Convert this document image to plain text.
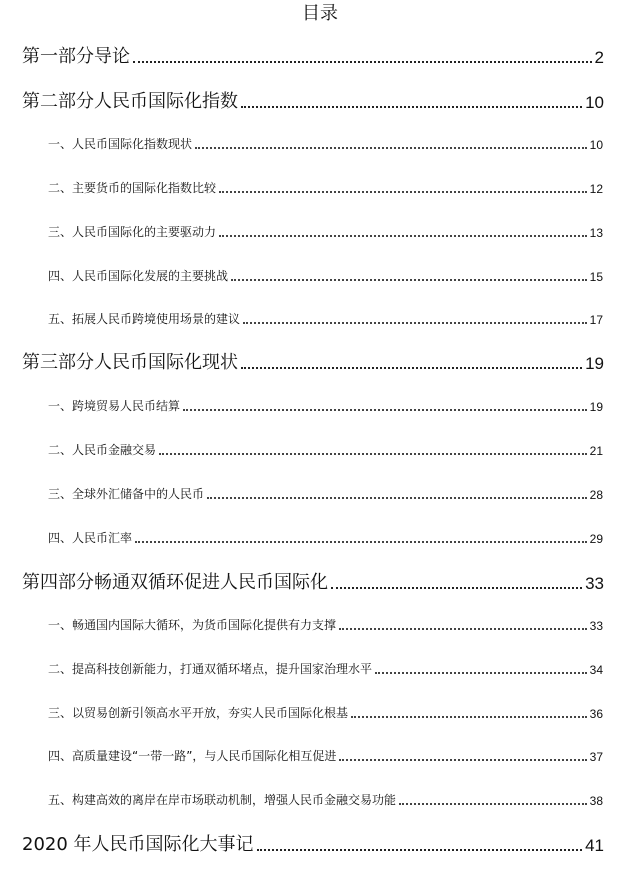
目录
第一部分导论	2
第二部分人民币国际化指数	10
一、人民币国际化指数现状	10
二、主要货币的国际化指数比较	12
三、人民币国际化的主要驱动力	13
四、人民币国际化发展的主要挑战	15
五、拓展人民币跨境使用场景的建议	17
第三部分人民币国际化现状	19
一、跨境贸易人民币结算	19
二、人民币金融交易	21
三、全球外汇储备中的人民币	28
四、人民币汇率	29
第四部分畅通双循环促进人民币国际化	33
一、畅通国内国际大循环，为货币国际化提供有力支撑	33
二、提高科技创新能力，打通双循环堵点，提升国家治理水平	34
三、以贸易创新引领高水平开放，夯实人民币国际化根基	36
四、高质量建设“一带一路”，与人民币国际化相互促进	37
五、构建高效的离岸在岸市场联动机制，增强人民币金融交易功能	38
2020 年人民币国际化大事记	41
